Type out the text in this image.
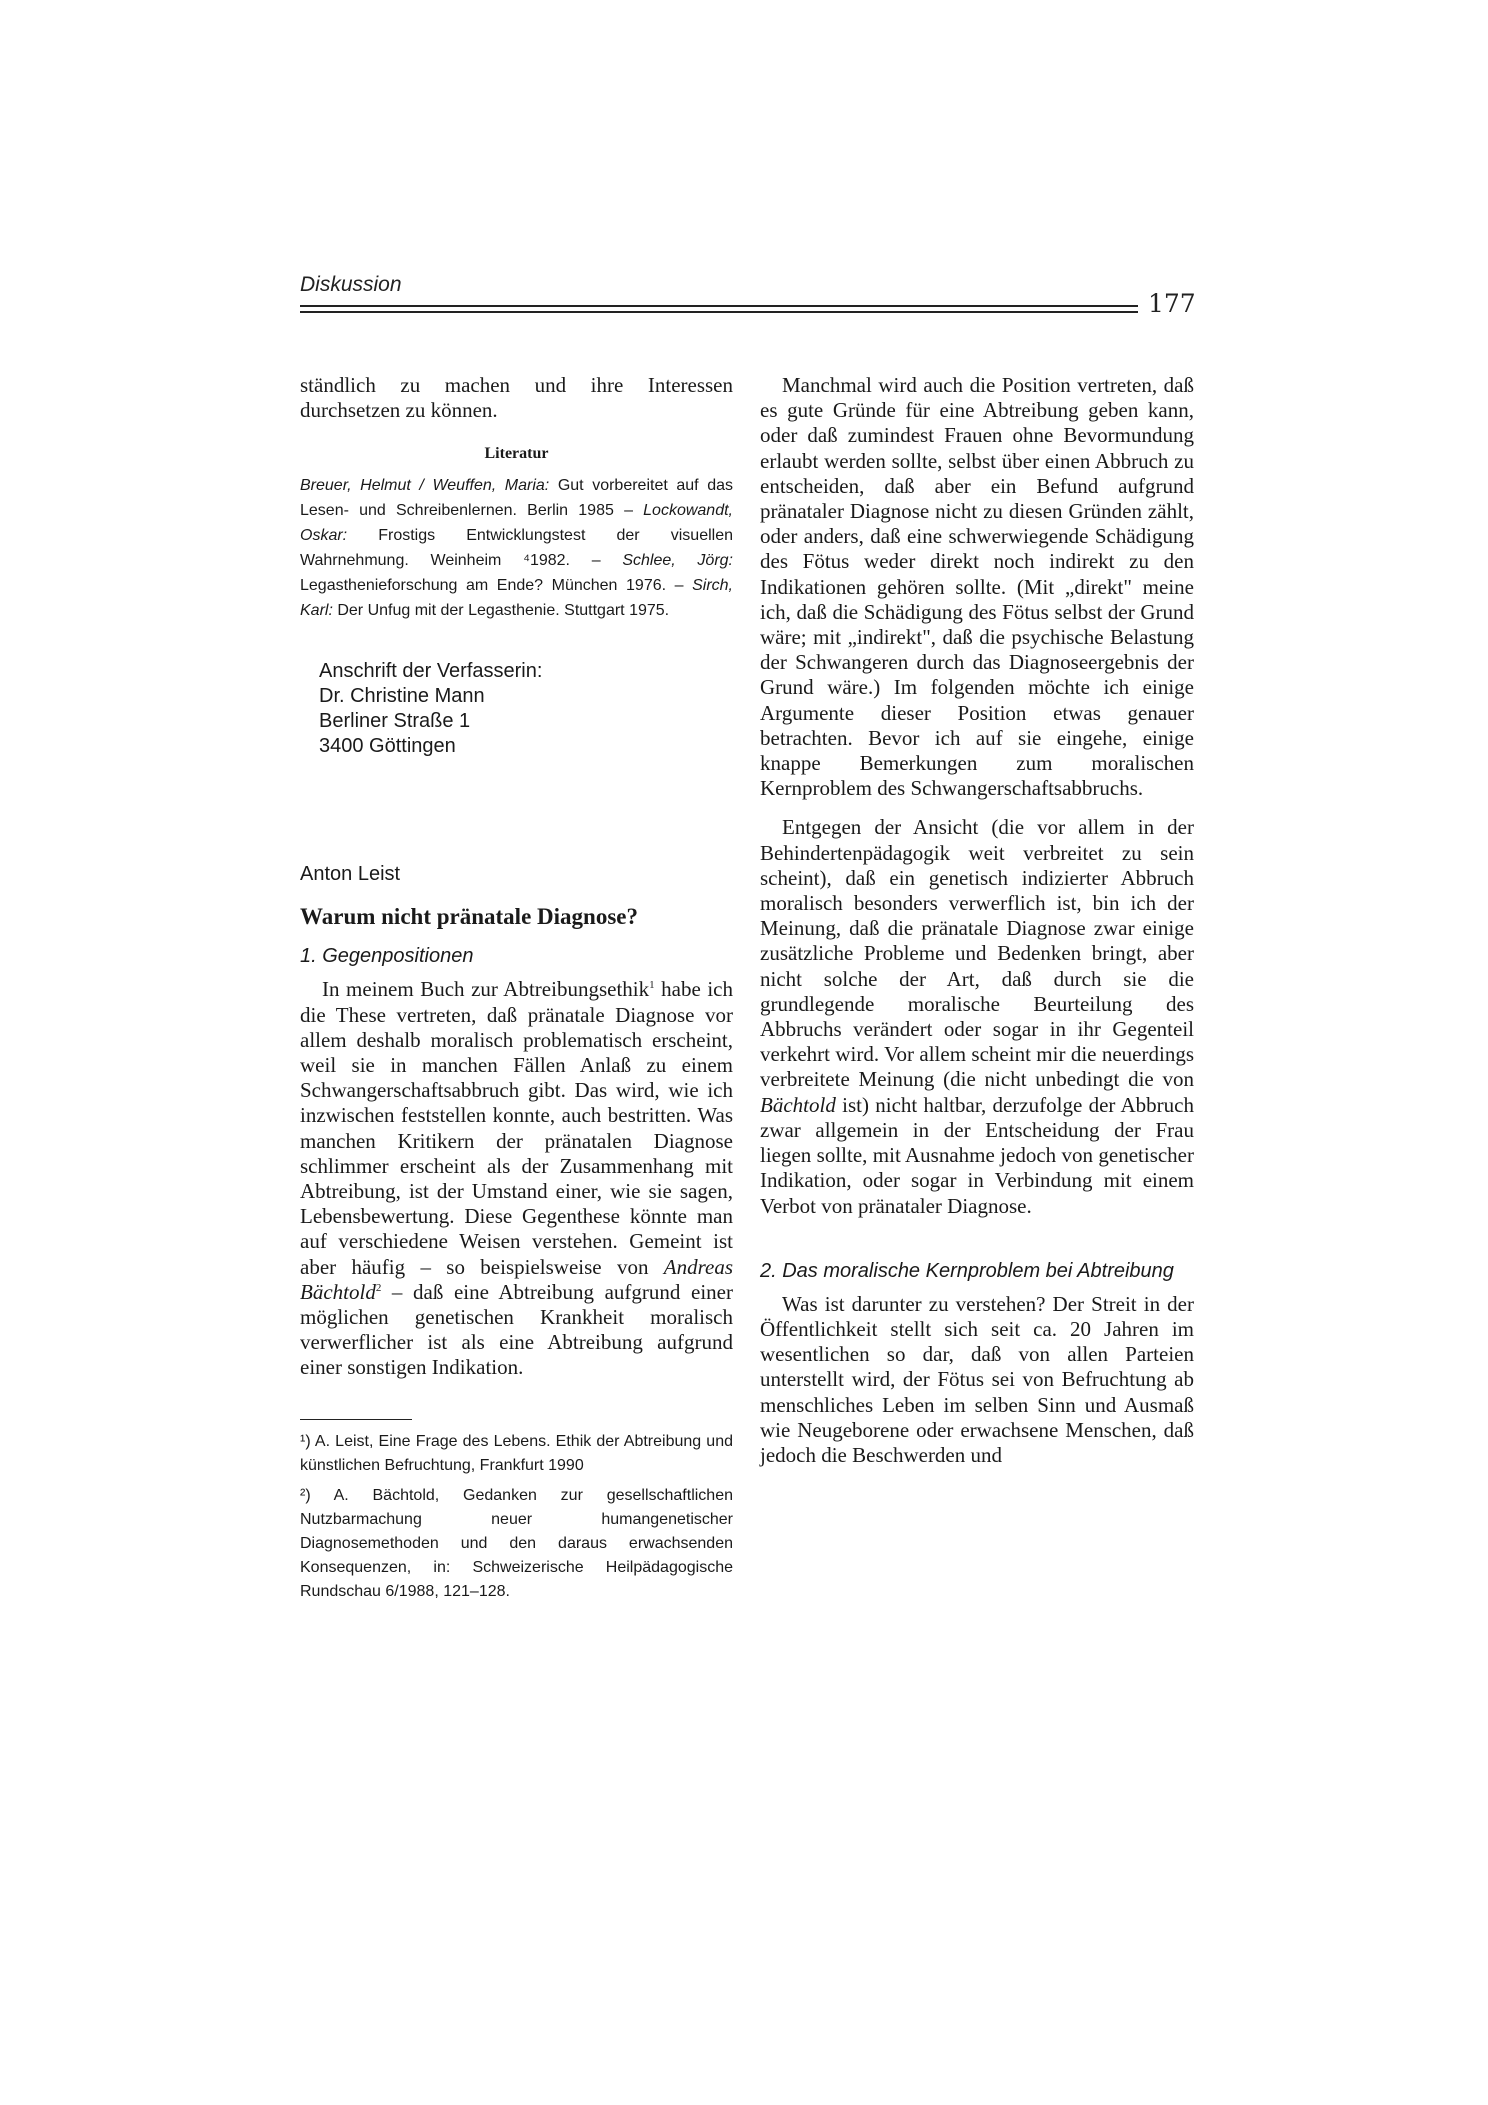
Diskussion
177

ständlich zu machen und ihre Interessen durchsetzen zu können.

Literatur

Breuer, Helmut / Weuffen, Maria: Gut vorbereitet auf das Lesen- und Schreibenlernen. Berlin 1985 – Lockowandt, Oskar: Frostigs Entwicklungstest der visuellen Wahrnehmung. Weinheim ⁴1982. – Schlee, Jörg: Legasthenieforschung am Ende? München 1976. – Sirch, Karl: Der Unfug mit der Legasthenie. Stuttgart 1975.

Anschrift der Verfasserin:
Dr. Christine Mann
Berliner Straße 1
3400 Göttingen
Anton Leist
Warum nicht pränatale Diagnose?
1. Gegenpositionen

In meinem Buch zur Abtreibungsethik$^1$ habe ich die These vertreten, daß pränatale Diagnose vor allem deshalb moralisch problematisch erscheint, weil sie in manchen Fällen Anlaß zu einem Schwangerschaftsabbruch gibt. Das wird, wie ich inzwischen feststellen konnte, auch bestritten. Was manchen Kritikern der pränatalen Diagnose schlimmer erscheint als der Zusammenhang mit Abtreibung, ist der Umstand einer, wie sie sagen, Lebensbewertung. Diese Gegenthese könnte man auf verschiedene Weisen verstehen. Gemeint ist aber häufig – so beispielsweise von Andreas Bächtold$^2$ – daß eine Abtreibung aufgrund einer möglichen genetischen Krankheit moralisch verwerflicher ist als eine Abtreibung aufgrund einer sonstigen Indikation.

¹) A. Leist, Eine Frage des Lebens. Ethik der Abtreibung und künstlichen Befruchtung, Frankfurt 1990

²) A. Bächtold, Gedanken zur gesellschaftlichen Nutzbarmachung neuer humangenetischer Diagnosemethoden und den daraus erwachsenden Konsequenzen, in: Schweizerische Heilpädagogische Rundschau 6/1988, 121–128.

Manchmal wird auch die Position vertreten, daß es gute Gründe für eine Abtreibung geben kann, oder daß zumindest Frauen ohne Bevormundung erlaubt werden sollte, selbst über einen Abbruch zu entscheiden, daß aber ein Befund aufgrund pränataler Diagnose nicht zu diesen Gründen zählt, oder anders, daß eine schwerwiegende Schädigung des Fötus weder direkt noch indirekt zu den Indikationen gehören sollte. (Mit „direkt" meine ich, daß die Schädigung des Fötus selbst der Grund wäre; mit „indirekt", daß die psychische Belastung der Schwangeren durch das Diagnoseergebnis der Grund wäre.) Im folgenden möchte ich einige Argumente dieser Position etwas genauer betrachten. Bevor ich auf sie eingehe, einige knappe Bemerkungen zum moralischen Kernproblem des Schwangerschaftsabbruchs.

Entgegen der Ansicht (die vor allem in der Behindertenpädagogik weit verbreitet zu sein scheint), daß ein genetisch indizierter Abbruch moralisch besonders verwerflich ist, bin ich der Meinung, daß die pränatale Diagnose zwar einige zusätzliche Probleme und Bedenken bringt, aber nicht solche der Art, daß durch sie die grundlegende moralische Beurteilung des Abbruchs verändert oder sogar in ihr Gegenteil verkehrt wird. Vor allem scheint mir die neuerdings verbreitete Meinung (die nicht unbedingt die von Bächtold ist) nicht haltbar, derzufolge der Abbruch zwar allgemein in der Entscheidung der Frau liegen sollte, mit Ausnahme jedoch von genetischer Indikation, oder sogar in Verbindung mit einem Verbot von pränataler Diagnose.

2. Das moralische Kernproblem bei Abtreibung

Was ist darunter zu verstehen? Der Streit in der Öffentlichkeit stellt sich seit ca. 20 Jahren im wesentlichen so dar, daß von allen Parteien unterstellt wird, der Fötus sei von Befruchtung ab menschliches Leben im selben Sinn und Ausmaß wie Neugeborene oder erwachsene Menschen, daß jedoch die Beschwerden und
